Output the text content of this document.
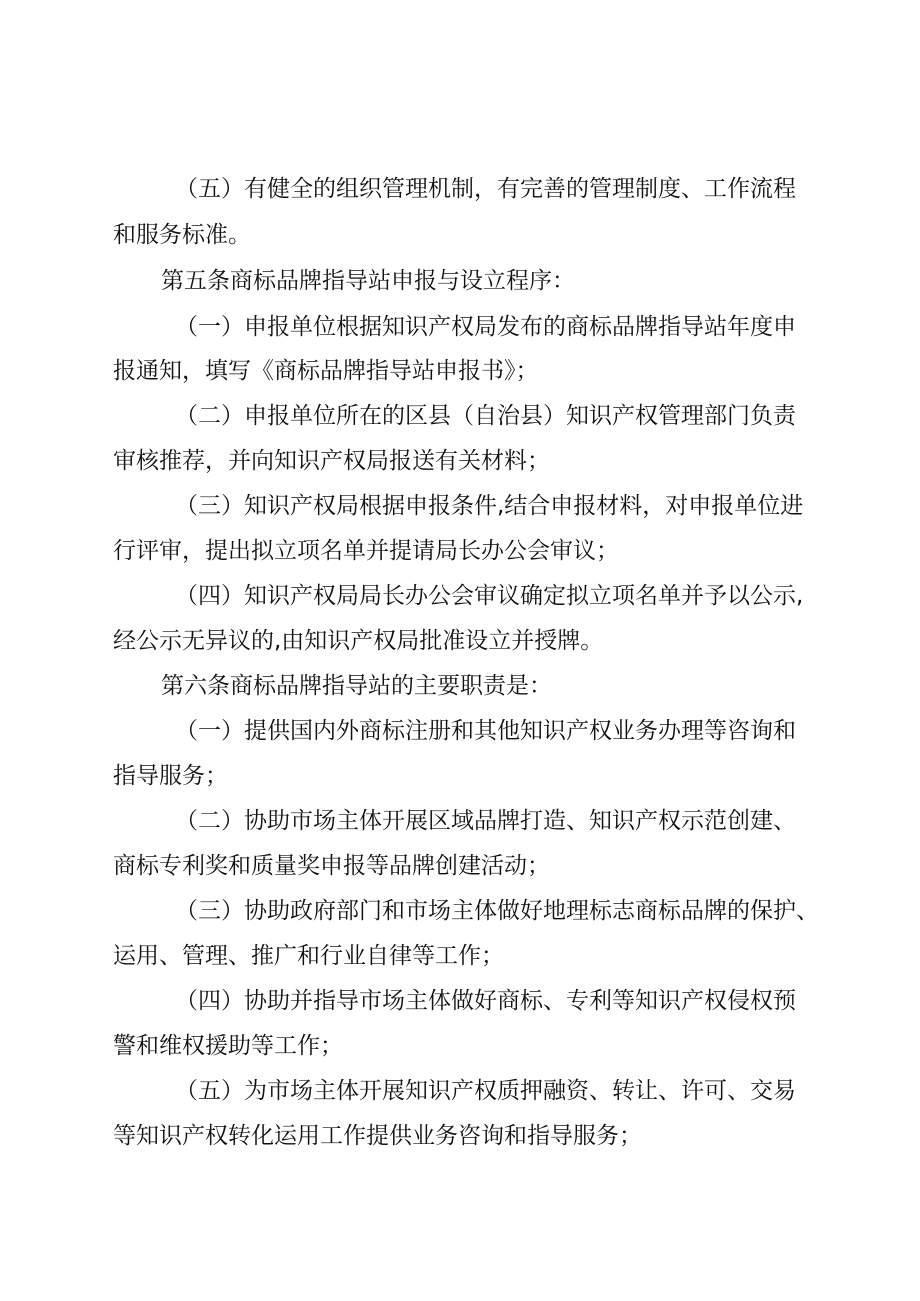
（五）有健全的组织管理机制，有完善的管理制度、工作流程
和服务标准。
第五条商标品牌指导站申报与设立程序：
（一）申报单位根据知识产权局发布的商标品牌指导站年度申
报通知，填写《商标品牌指导站申报书》；
（二）申报单位所在的区县（自治县）知识产权管理部门负责
审核推荐，并向知识产权局报送有关材料；
（三）知识产权局根据申报条件,结合申报材料，对申报单位进
行评审，提出拟立项名单并提请局长办公会审议；
（四）知识产权局局长办公会审议确定拟立项名单并予以公示,
经公示无异议的,由知识产权局批准设立并授牌。
第六条商标品牌指导站的主要职责是：
（一）提供国内外商标注册和其他知识产权业务办理等咨询和
指导服务；
（二）协助市场主体开展区域品牌打造、知识产权示范创建、
商标专利奖和质量奖申报等品牌创建活动；
（三）协助政府部门和市场主体做好地理标志商标品牌的保护、
运用、管理、推广和行业自律等工作；
（四）协助并指导市场主体做好商标、专利等知识产权侵权预
警和维权援助等工作；
（五）为市场主体开展知识产权质押融资、转让、许可、交易
等知识产权转化运用工作提供业务咨询和指导服务；
